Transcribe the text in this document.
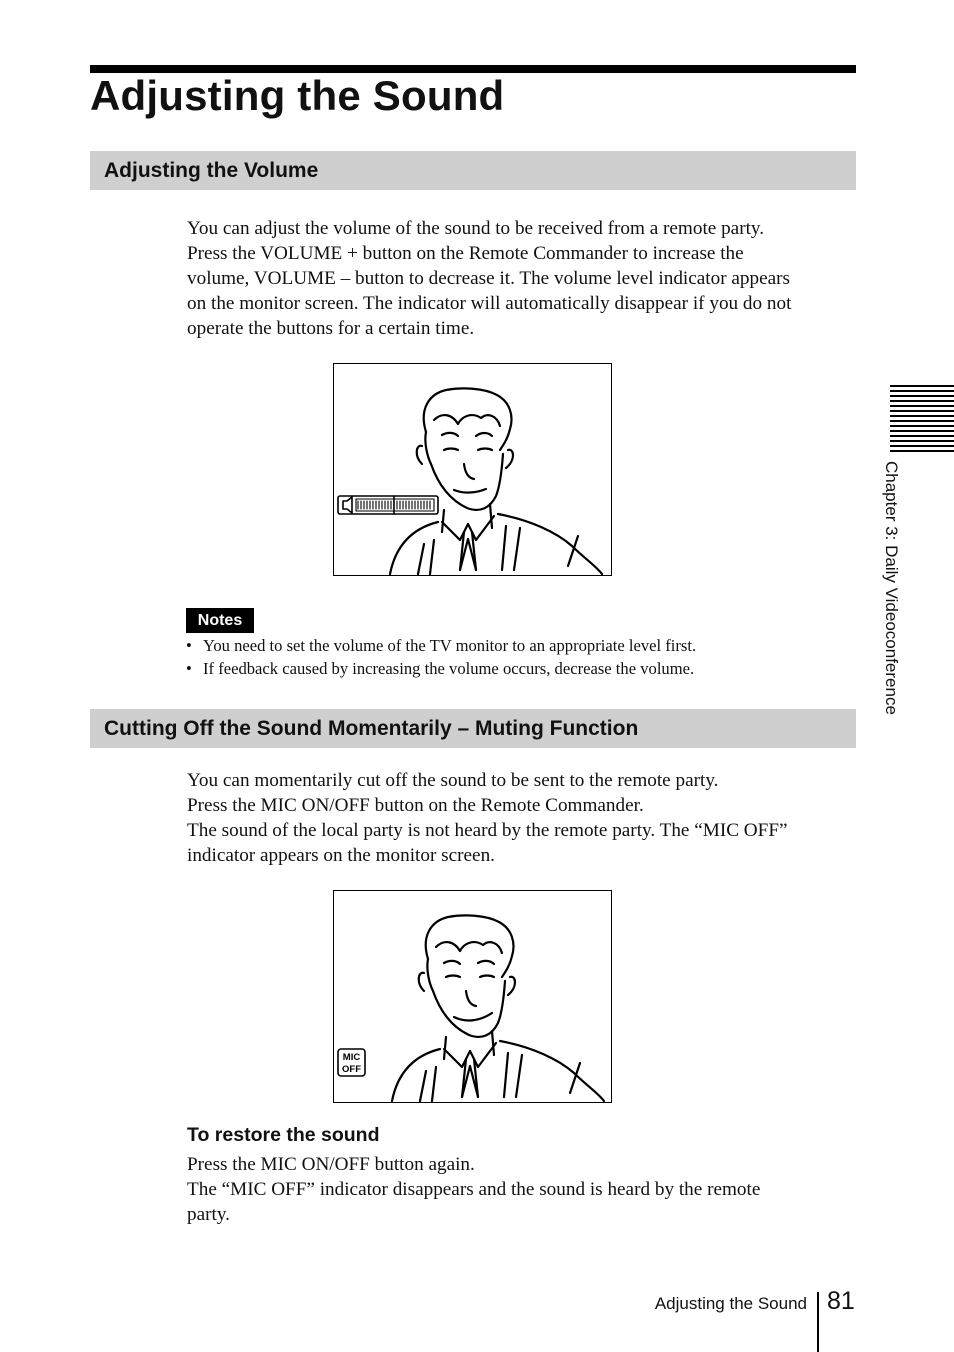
Adjusting the Sound
Adjusting the Volume

You can adjust the volume of the sound to be received from a remote party.
Press the VOLUME + button on the Remote Commander to increase the
volume, VOLUME – button to decrease it. The volume level indicator appears
on the monitor screen. The indicator will automatically disappear if you do not
operate the buttons for a certain time.

Notes
• You need to set the volume of the TV monitor to an appropriate level first.
• If feedback caused by increasing the volume occurs, decrease the volume.
Cutting Off the Sound Momentarily – Muting Function

You can momentarily cut off the sound to be sent to the remote party.
Press the MIC ON/OFF button on the Remote Commander.
The sound of the local party is not heard by the remote party. The “MIC OFF”
indicator appears on the monitor screen.

MIC
OFF
To restore the sound

Press the MIC ON/OFF button again.
The “MIC OFF” indicator disappears and the sound is heard by the remote
party.

Chapter 3: Daily Videoconference
Adjusting the Sound 81
